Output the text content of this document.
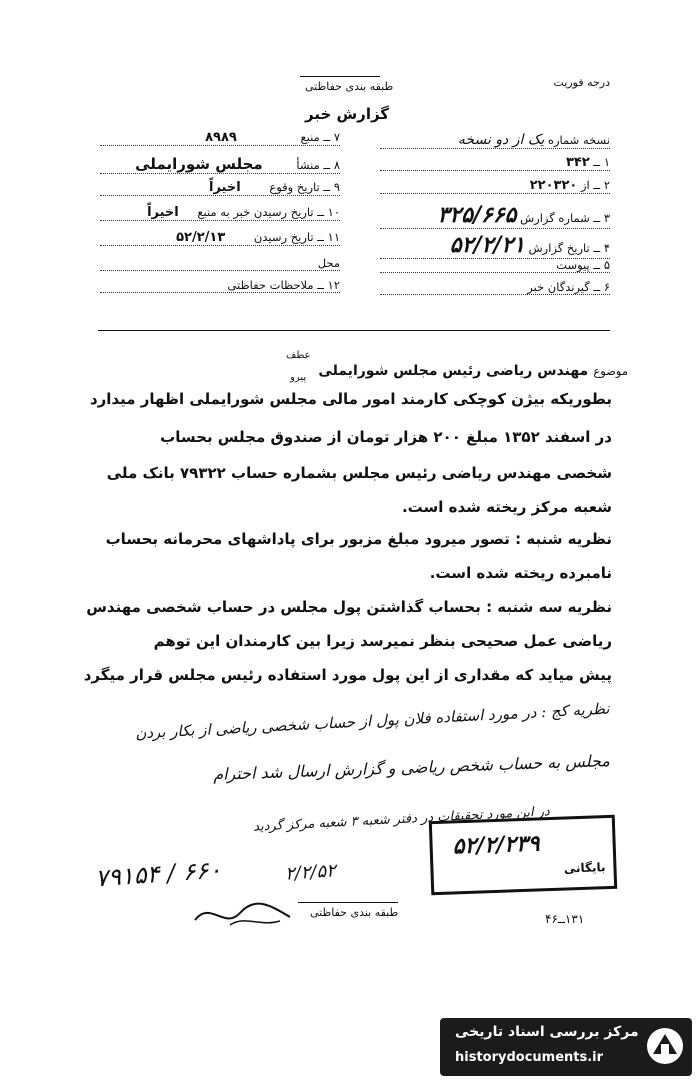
درجه فوریت
طبقه بندی حفاظتی
گزارش خبر
نسخه شماره یک از دو نسخه
۱ ــ ۳۴۲
۲ ــ از ۲۲۰۳۲۰
۳ ــ شماره گزارش ۳۲۵/۶۶۵
۴ ــ تاریخ گزارش ۵۲/۲/۲۱
۵ ــ پیوست
۶ ــ گیرندگان خبر
۷ ــ منبع ۸۹۸۹
۸ ــ منشأ مجلس شورایملی
۹ ــ تاریخ وقوع اخیراً
۱۰ ــ تاریخ رسیدن خبر به منبع اخیراً
۱۱ ــ تاریخ رسیدن ۵۲/۲/۱۳
محل
۱۲ ــ ملاحظات حفاظتی
عطف
پیرو	موضوع مهندس ریاضی رئیس مجلس شورایملی
بطوریکه بیژن کوچکی کارمند امور مالی مجلس شورایملی اظهار میدارد
در اسفند ۱۳۵۲ مبلغ ۲۰۰ هزار تومان از صندوق مجلس بحساب
شخصی مهندس ریاضی رئیس مجلس بشماره حساب ۷۹۳۲۲ بانک ملی
شعبه مرکز ریخته شده است.
نظریه شنبه : تصور میرود مبلغ مزبور برای پاداشهای محرمانه بحساب
نامبرده ریخته شده است.
نظریه سه شنبه : بحساب گذاشتن پول مجلس در حساب شخصی مهندس
ریاضی عمل صحیحی بنظر نمیرسد زیرا بین کارمندان این توهم
پیش میاید که مقداری از این پول مورد استفاده رئیس مجلس قرار میگرد
نظریه کج : در مورد استفاده فلان پول از حساب شخصی ریاضی از بکار بردن
مجلس به حساب شخص ریاضی و گزارش ارسال شد احترام
در این مورد تحقیقات در دفتر شعبه ۳ شعبه مرکز گردید
۷۹۱۵۴ / ۶۶۰	۲/۲/۵۲
۵۲/۲/۲۳۹
بایگانی
طبقه بندی حفاظتی	۱۳۱ــ۴۶
مرکز بررسی اسناد تاریخی
historydocuments.ir
